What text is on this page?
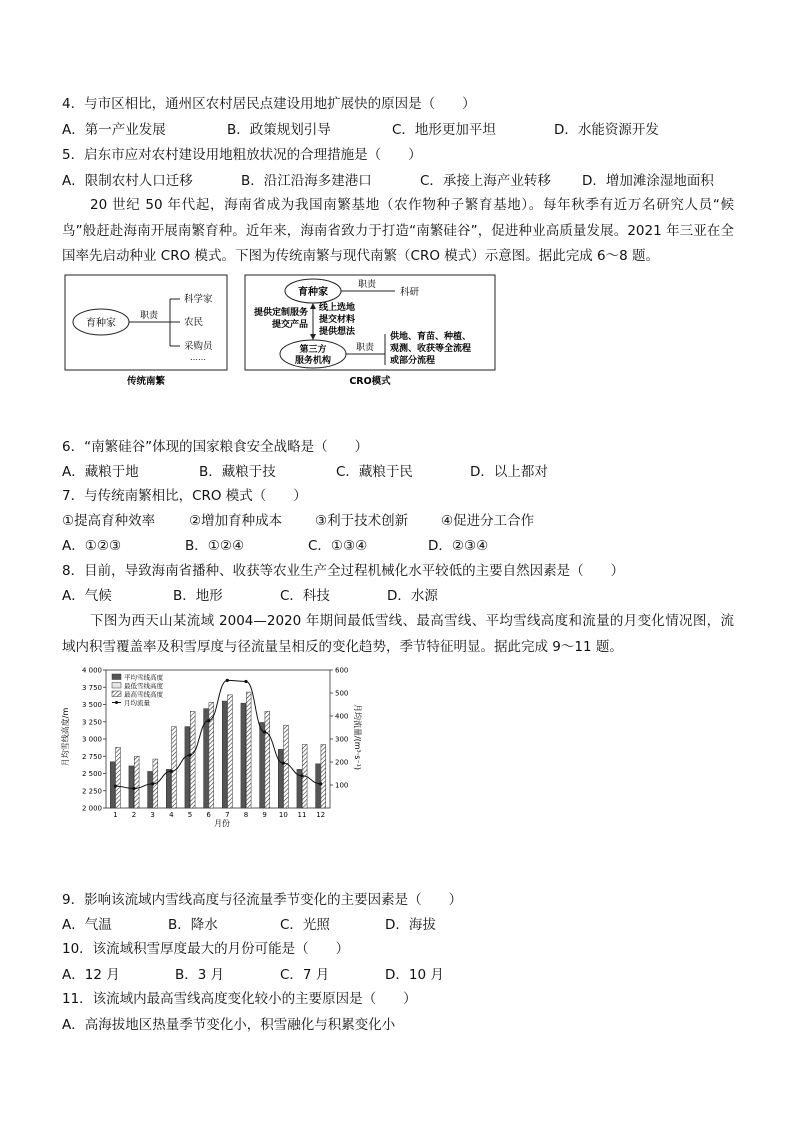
4．与市区相比，通州区农村居民点建设用地扩展快的原因是（　　）
A．第一产业发展	B．政策规划引导	C．地形更加平坦	D．水能资源开发
5．启东市应对农村建设用地粗放状况的合理措施是（　　）
A．限制农村人口迁移	B．沿江沿海多建港口	C．承接上海产业转移 D．增加滩涂湿地面积
20 世纪 50 年代起，海南省成为我国南繁基地（农作物种子繁育基地）。每年秋季有近万名研究人员“候鸟”般赶赴海南开展南繁育种。近年来，海南省致力于打造“南繁硅谷”，促进种业高质量发展。2021 年三亚在全国率先启动种业 CRO 模式。下图为传统南繁与现代南繁（CRO 模式）示意图。据此完成 6～8 题。
育种家
职责
科学家
农民
采购员
……
传统南繁
育种家
职责
科研
提供定制服务
提交产品
线上选地
提交材料
提供想法
第三方
服务机构
职责
供地、育苗、种植、
观测、收获等全流程
或部分流程
CRO模式
6．“南繁硅谷”体现的国家粮食安全战略是（　　）
A．藏粮于地	B．藏粮于技	C．藏粮于民	D．以上都对
7．与传统南繁相比，CRO 模式（　　）
①提高育种效率	②增加育种成本 ③利于技术创新 ④促进分工合作
A．①②③	B．①②④	C．①③④	D．②③④
8．目前，导致海南省播种、收获等农业生产全过程机械化水平较低的主要自然因素是（　　）
A．气候	B．地形	C．科技	D．水源
下图为西天山某流域 2004—2020 年期间最低雪线、最高雪线、平均雪线高度和流量的月变化情况图，流域内积雪覆盖率及积雪厚度与径流量呈相反的变化趋势，季节特征明显。据此完成 9～11 题。
2 000
2 250
2 500
2 750
3 000
3 250
3 500
3 750
4 000
100
200
300
400
500
600
1 2 3 4 5 6 7 8 9 10 11 12
平均雪线高度
最低雪线高度
最高雪线高度
月均流量
月均雪线高度/m	月均流量/(m³·s⁻¹)
月份
9．影响该流域内雪线高度与径流量季节变化的主要因素是（　　）
A．气温	B．降水	C．光照	D．海拔
10．该流域积雪厚度最大的月份可能是（　　）
A．12 月	B．3 月	C．7 月	D．10 月
11．该流域内最高雪线高度变化较小的主要原因是（　　）
A．高海拔地区热量季节变化小，积雪融化与积累变化小
